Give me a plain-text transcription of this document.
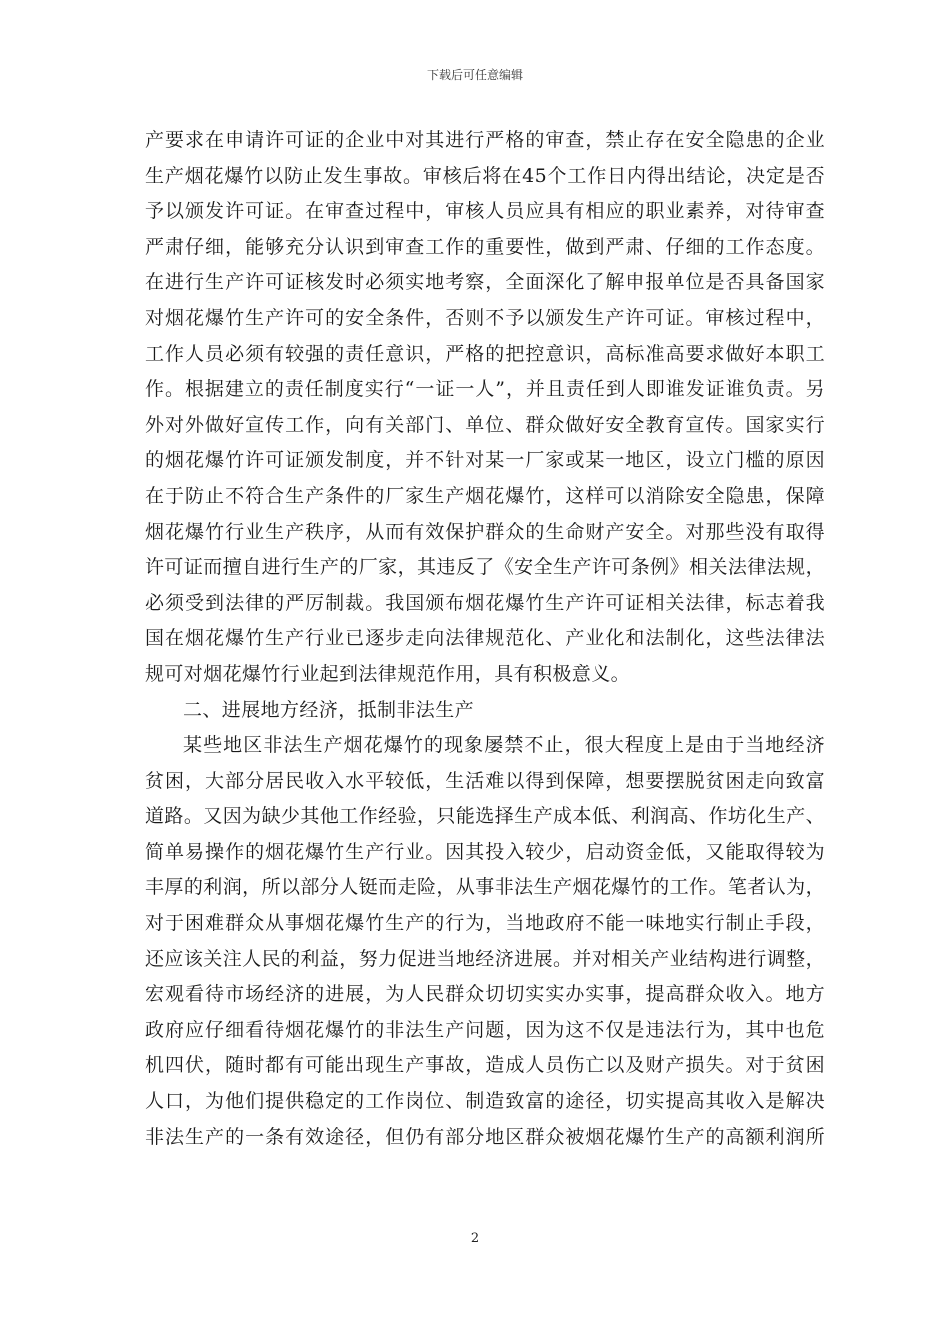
下载后可任意编辑
产要求在申请许可证的企业中对其进行严格的审查，禁止存在安全隐患的企业
生产烟花爆竹以防止发生事故。审核后将在45个工作日内得出结论，决定是否
予以颁发许可证。在审查过程中，审核人员应具有相应的职业素养，对待审查
严肃仔细，能够充分认识到审查工作的重要性，做到严肃、仔细的工作态度。
在进行生产许可证核发时必须实地考察，全面深化了解申报单位是否具备国家
对烟花爆竹生产许可的安全条件，否则不予以颁发生产许可证。审核过程中，
工作人员必须有较强的责任意识，严格的把控意识，高标准高要求做好本职工
作。根据建立的责任制度实行“一证一人”，并且责任到人即谁发证谁负责。另
外对外做好宣传工作，向有关部门、单位、群众做好安全教育宣传。国家实行
的烟花爆竹许可证颁发制度，并不针对某一厂家或某一地区，设立门槛的原因
在于防止不符合生产条件的厂家生产烟花爆竹，这样可以消除安全隐患，保障
烟花爆竹行业生产秩序，从而有效保护群众的生命财产安全。对那些没有取得
许可证而擅自进行生产的厂家，其违反了《安全生产许可条例》相关法律法规，
必须受到法律的严厉制裁。我国颁布烟花爆竹生产许可证相关法律，标志着我
国在烟花爆竹生产行业已逐步走向法律规范化、产业化和法制化，这些法律法
规可对烟花爆竹行业起到法律规范作用，具有积极意义。
二、进展地方经济，抵制非法生产
某些地区非法生产烟花爆竹的现象屡禁不止，很大程度上是由于当地经济
贫困，大部分居民收入水平较低，生活难以得到保障，想要摆脱贫困走向致富
道路。又因为缺少其他工作经验，只能选择生产成本低、利润高、作坊化生产、
简单易操作的烟花爆竹生产行业。因其投入较少，启动资金低，又能取得较为
丰厚的利润，所以部分人铤而走险，从事非法生产烟花爆竹的工作。笔者认为，
对于困难群众从事烟花爆竹生产的行为，当地政府不能一味地实行制止手段，
还应该关注人民的利益，努力促进当地经济进展。并对相关产业结构进行调整，
宏观看待市场经济的进展，为人民群众切切实实办实事，提高群众收入。地方
政府应仔细看待烟花爆竹的非法生产问题，因为这不仅是违法行为，其中也危
机四伏，随时都有可能出现生产事故，造成人员伤亡以及财产损失。对于贫困
人口，为他们提供稳定的工作岗位、制造致富的途径，切实提高其收入是解决
非法生产的一条有效途径，但仍有部分地区群众被烟花爆竹生产的高额利润所
2
